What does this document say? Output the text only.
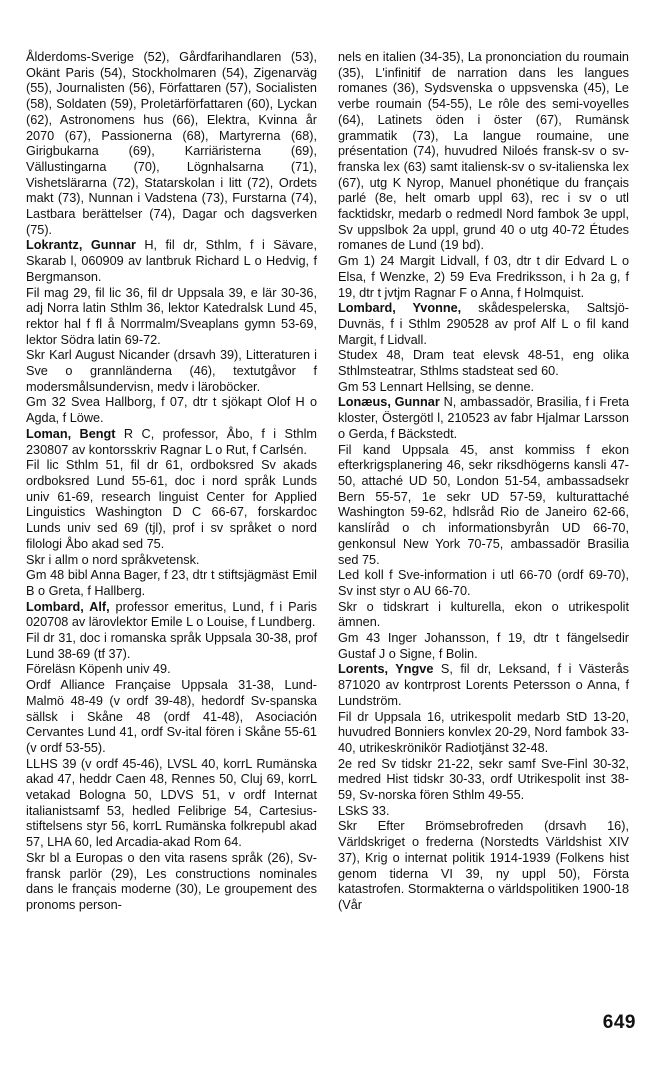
Ålderdoms-Sverige (52), Gårdfarihandlaren (53), Okänt Paris (54), Stockholmaren (54), Zigenarväg (55), Journalisten (56), Författaren (57), Socialisten (58), Soldaten (59), Proletärförfattaren (60), Lyckan (62), Astronomens hus (66), Elektra, Kvinna år 2070 (67), Passionerna (68), Martyrerna (68), Girigbukarna (69), Karriäristerna (69), Vällustingarna (70), Lögnhalsarna (71), Vishetslärarna (72), Statarskolan i litt (72), Ordets makt (73), Nunnan i Vadstena (73), Furstarna (74), Lastbara berättelser (74), Dagar och dagsverken (75).

Lokrantz, Gunnar H, fil dr, Sthlm, f i Sävare, Skarab l, 060909 av lantbruk Richard L o Hedvig, f Bergmanson.

Fil mag 29, fil lic 36, fil dr Uppsala 39, e lär 30-36, adj Norra latin Sthlm 36, lektor Katedralsk Lund 45, rektor hal f fl å Norrmalm/Sveaplans gymn 53-69, lektor Södra latin 69-72.

Skr Karl August Nicander (drsavh 39), Litteraturen i Sve o grannländerna (46), textutgåvor f modersmålsundervisn, medv i läroböcker.

Gm 32 Svea Hallborg, f 07, dtr t sjökapt Olof H o Agda, f Löwe.

Loman, Bengt R C, professor, Åbo, f i Sthlm 230807 av kontorsskriv Ragnar L o Rut, f Carlsén.

Fil lic Sthlm 51, fil dr 61, ordboksred Sv akads ordboksred Lund 55-61, doc i nord språk Lunds univ 61-69, research linguist Center for Applied Linguistics Washington D C 66-67, forskardoc Lunds univ sed 69 (tjl), prof i sv språket o nord filologi Åbo akad sed 75.

Skr i allm o nord språkvetensk.

Gm 48 bibl Anna Bager, f 23, dtr t stiftsjägmäst Emil B o Greta, f Hallberg.

Lombard, Alf, professor emeritus, Lund, f i Paris 020708 av lärovlektor Emile L o Louise, f Lundberg.

Fil dr 31, doc i romanska språk Uppsala 30-38, prof Lund 38-69 (tf 37).

Föreläsn Köpenh univ 49.

Ordf Alliance Française Uppsala 31-38, Lund-Malmö 48-49 (v ordf 39-48), hedordf Sv-spanska sällsk i Skåne 48 (ordf 41-48), Asociación Cervantes Lund 41, ordf Sv-ital fören i Skåne 55-61 (v ordf 53-55).

LLHS 39 (v ordf 45-46), LVSL 40, korrL Rumänska akad 47, heddr Caen 48, Rennes 50, Cluj 69, korrL vetakad Bologna 50, LDVS 51, v ordf Internat italianistsamf 53, hedled Felibrige 54, Cartesius-stiftelsens styr 56, korrL Rumänska folkrepubl akad 57, LHA 60, led Arcadia-akad Rom 64.

Skr bl a Europas o den vita rasens språk (26), Sv-fransk parlör (29), Les constructions nominales dans le français moderne (30), Le groupement des pronoms person-

nels en italien (34-35), La prononciation du roumain (35), L'infinitif de narration dans les langues romanes (36), Sydsvenska o uppsvenska (45), Le verbe roumain (54-55), Le rôle des semi-voyelles (64), Latinets öden i öster (67), Rumänsk grammatik (73), La langue roumaine, une présentation (74), huvudred Niloés fransk-sv o sv-franska lex (63) samt italiensk-sv o sv-italienska lex (67), utg K Nyrop, Manuel phonétique du français parlé (8e, helt omarb uppl 63), rec i sv o utl facktidskr, medarb o redmedl Nord fambok 3e uppl, Sv uppslbok 2a uppl, grund 40 o utg 40-72 Études romanes de Lund (19 bd).

Gm 1) 24 Margit Lidvall, f 03, dtr t dir Edvard L o Elsa, f Wenzke, 2) 59 Eva Fredriksson, i h 2a g, f 19, dtr t jvtjm Ragnar F o Anna, f Holmquist.

Lombard, Yvonne, skådespelerska, Saltsjö-Duvnäs, f i Sthlm 290528 av prof Alf L o fil kand Margit, f Lidvall.

Studex 48, Dram teat elevsk 48-51, eng olika Sthlmsteatrar, Sthlms stadsteat sed 60.

Gm 53 Lennart Hellsing, se denne.

Lonæus, Gunnar N, ambassadör, Brasilia, f i Freta kloster, Östergötl l, 210523 av fabr Hjalmar Larsson o Gerda, f Bäckstedt.

Fil kand Uppsala 45, anst kommiss f ekon efterkrigsplanering 46, sekr riksdhögerns kansli 47-50, attaché UD 50, London 51-54, ambassadsekr Bern 55-57, 1e sekr UD 57-59, kulturattaché Washington 59-62, hdlsråd Rio de Janeiro 62-66, kanslíråd o ch informationsbyrån UD 66-70, genkonsul New York 70-75, ambassadör Brasilia sed 75.

Led koll f Sve-information i utl 66-70 (ordf 69-70), Sv inst styr o AU 66-70.

Skr o tidskrart i kulturella, ekon o utrikespolit ämnen.

Gm 43 Inger Johansson, f 19, dtr t fängelsedir Gustaf J o Signe, f Bolin.

Lorents, Yngve S, fil dr, Leksand, f i Västerås 871020 av kontrprost Lorents Petersson o Anna, f Lundström.

Fil dr Uppsala 16, utrikespolit medarb StD 13-20, huvudred Bonniers konvlex 20-29, Nord fambok 33-40, utrikeskrönikör Radiotjänst 32-48.

2e red Sv tidskr 21-22, sekr samf Sve-Finl 30-32, medred Hist tidskr 30-33, ordf Utrikespolit inst 38-59, Sv-norska fören Sthlm 49-55.

LSkS 33.

Skr Efter Brömsebrofreden (drsavh 16), Världskriget o frederna (Norstedts Världshist XIV 37), Krig o internat politik 1914-1939 (Folkens hist genom tiderna VI 39, ny uppl 50), Första katastrofen. Stormakterna o världspolitiken 1900-18 (Vår

649
